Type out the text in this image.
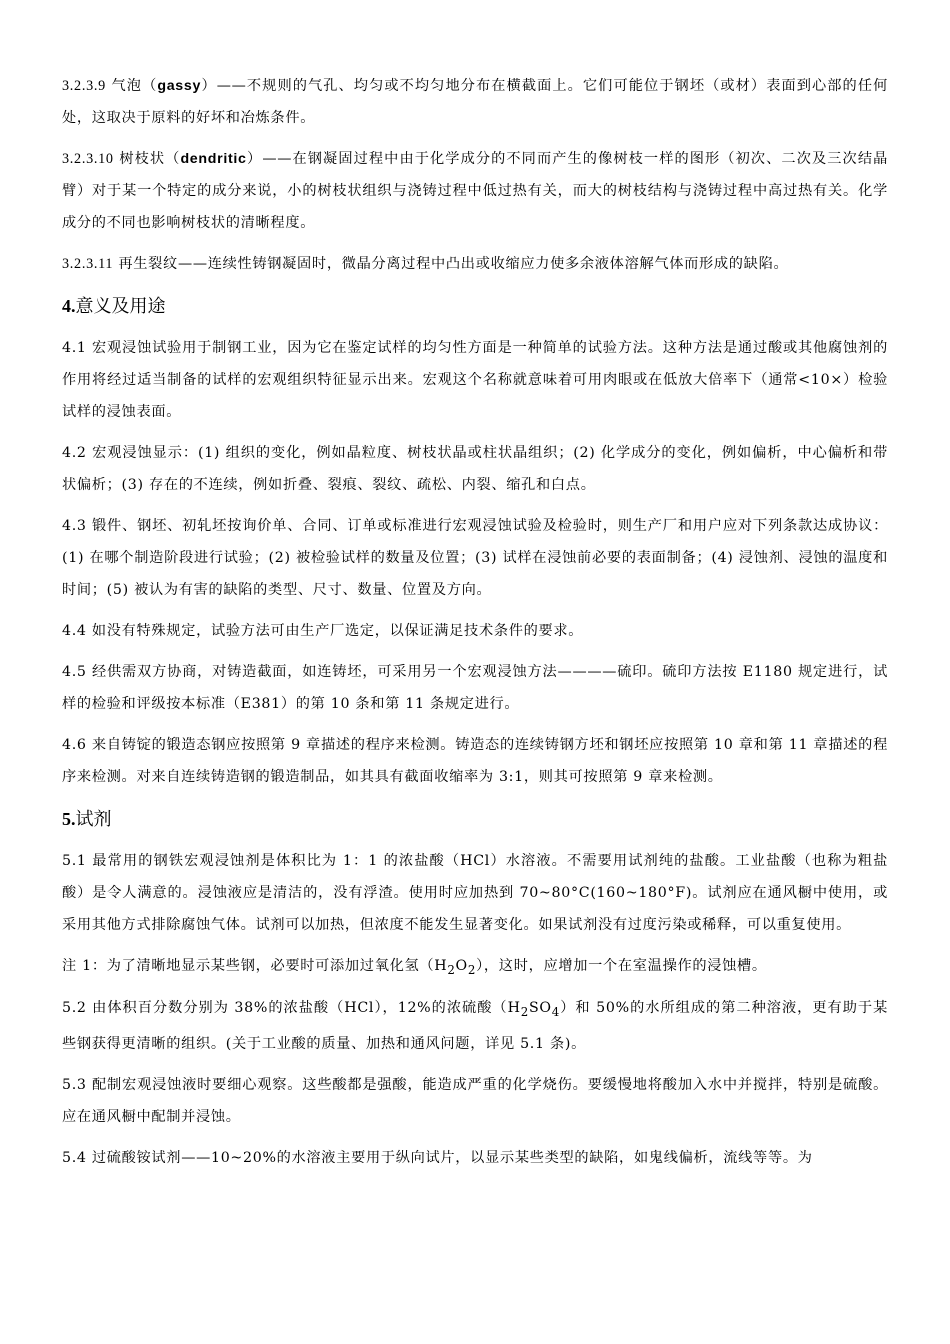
3.2.3.9 气泡（gassy）——不规则的气孔、均匀或不均匀地分布在横截面上。它们可能位于钢坯（或材）表面到心部的任何处，这取决于原料的好坏和冶炼条件。

3.2.3.10 树枝状（dendritic）——在钢凝固过程中由于化学成分的不同而产生的像树枝一样的图形（初次、二次及三次结晶臂）对于某一个特定的成分来说，小的树枝状组织与浇铸过程中低过热有关，而大的树枝结构与浇铸过程中高过热有关。化学成分的不同也影响树枝状的清晰程度。

3.2.3.11 再生裂纹——连续性铸钢凝固时，微晶分离过程中凸出或收缩应力使多余液体溶解气体而形成的缺陷。

4.意义及用途

4.1 宏观浸蚀试验用于制钢工业，因为它在鉴定试样的均匀性方面是一种简单的试验方法。这种方法是通过酸或其他腐蚀剂的作用将经过适当制备的试样的宏观组织特征显示出来。宏观这个名称就意味着可用肉眼或在低放大倍率下（通常<10×）检验试样的浸蚀表面。

4.2 宏观浸蚀显示：(1) 组织的变化，例如晶粒度、树枝状晶或柱状晶组织；(2) 化学成分的变化，例如偏析，中心偏析和带状偏析；(3) 存在的不连续，例如折叠、裂痕、裂纹、疏松、内裂、缩孔和白点。

4.3 锻件、钢坯、初轧坯按询价单、合同、订单或标准进行宏观浸蚀试验及检验时，则生产厂和用户应对下列条款达成协议：(1) 在哪个制造阶段进行试验；(2) 被检验试样的数量及位置；(3) 试样在浸蚀前必要的表面制备；(4) 浸蚀剂、浸蚀的温度和时间；(5) 被认为有害的缺陷的类型、尺寸、数量、位置及方向。

4.4 如没有特殊规定，试验方法可由生产厂选定，以保证满足技术条件的要求。

4.5 经供需双方协商，对铸造截面，如连铸坯，可采用另一个宏观浸蚀方法————硫印。硫印方法按 E1180 规定进行，试样的检验和评级按本标准（E381）的第 10 条和第 11 条规定进行。

4.6 来自铸锭的锻造态钢应按照第 9 章描述的程序来检测。铸造态的连续铸钢方坯和钢坯应按照第 10 章和第 11 章描述的程序来检测。对来自连续铸造钢的锻造制品，如其具有截面收缩率为 3:1，则其可按照第 9 章来检测。

5.试剂

5.1 最常用的钢铁宏观浸蚀剂是体积比为 1：1 的浓盐酸（HCl）水溶液。不需要用试剂纯的盐酸。工业盐酸（也称为粗盐酸）是令人满意的。浸蚀液应是清洁的，没有浮渣。使用时应加热到 70~80°C(160~180°F)。试剂应在通风橱中使用，或采用其他方式排除腐蚀气体。试剂可以加热，但浓度不能发生显著变化。如果试剂没有过度污染或稀释，可以重复使用。

注 1：为了清晰地显示某些钢，必要时可添加过氧化氢$(H_2O_2)$，这时，应增加一个在室温操作的浸蚀槽。

5.2 由体积百分数分别为 38%的浓盐酸（HCl），12%的浓硫酸$(H_2SO_4)$和 50%的水所组成的第二种溶液，更有助于某些钢获得更清晰的组织。(关于工业酸的质量、加热和通风问题，详见 5.1 条)。

5.3 配制宏观浸蚀液时要细心观察。这些酸都是强酸，能造成严重的化学烧伤。要缓慢地将酸加入水中并搅拌，特别是硫酸。应在通风橱中配制并浸蚀。

5.4 过硫酸铵试剂——10~20%的水溶液主要用于纵向试片，以显示某些类型的缺陷，如鬼线偏析，流线等等。为
